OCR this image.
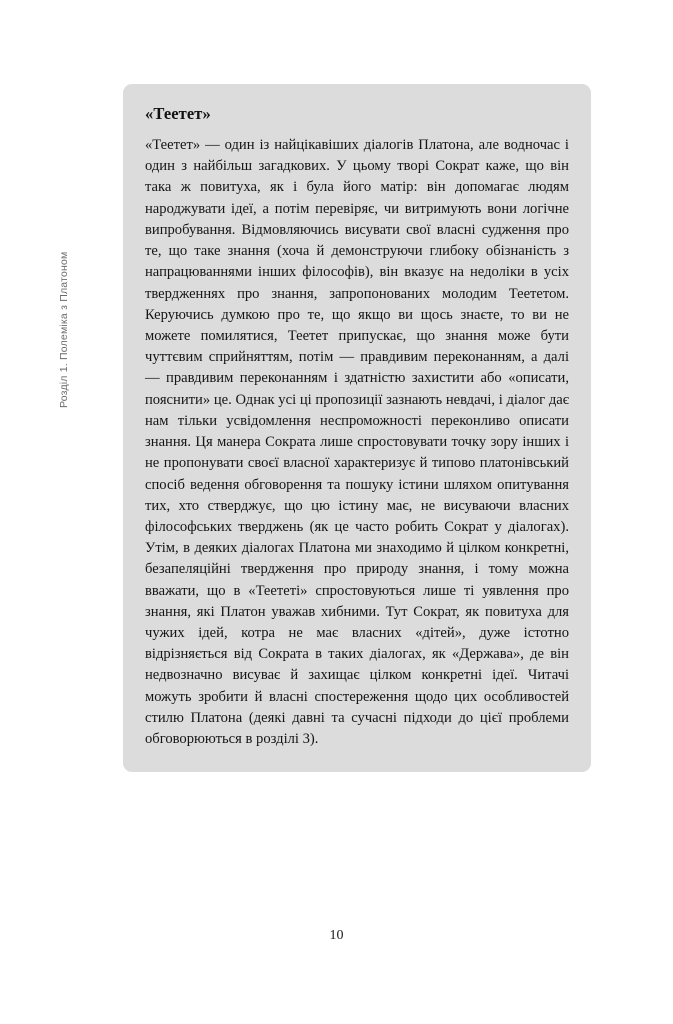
Розділ 1. Полеміка з Платоном
«Теетет»

«Теетет» — один із найцікавіших діалогів Платона, але водночас і один з найбільш загадкових. У цьому творі Сократ каже, що він така ж повитуха, як і була його матір: він допомагає людям народжувати ідеї, а потім перевіряє, чи витримують вони логічне випробування. Відмовляючись висувати свої власні судження про те, що таке знання (хоча й демонструючи глибоку обізнаність з напрацюваннями інших філософів), він вказує на недоліки в усіх твердженнях про знання, запропонованих молодим Теететом. Керуючись думкою про те, що якщо ви щось знаєте, то ви не можете помилятися, Теетет припускає, що знання може бути чуттєвим сприйняттям, потім — правдивим переконанням, а далі — правдивим переконанням і здатністю захистити або «описати, пояснити» це. Однак усі ці пропозиції зазнають невдачі, і діалог дає нам тільки усвідомлення неспроможності переконливо описати знання. Ця манера Сократа лише спростовувати точку зору інших і не пропонувати своєї власної характеризує й типово платонівський спосіб ведення обговорення та пошуку істини шляхом опитування тих, хто стверджує, що цю істину має, не висуваючи власних філософських тверджень (як це часто робить Сократ у діалогах). Утім, в деяких діалогах Платона ми знаходимо й цілком конкретні, безапеляційні твердження про природу знання, і тому можна вважати, що в «Теететі» спростовуються лише ті уявлення про знання, які Платон уважав хибними. Тут Сократ, як повитуха для чужих ідей, котра не має власних «дітей», дуже істотно відрізняється від Сократа в таких діалогах, як «Держава», де він недвозначно висуває й захищає цілком конкретні ідеї. Читачі можуть зробити й власні спостереження щодо цих особливостей стилю Платона (деякі давні та сучасні підходи до цієї проблеми обговорюються в розділі 3).

10
